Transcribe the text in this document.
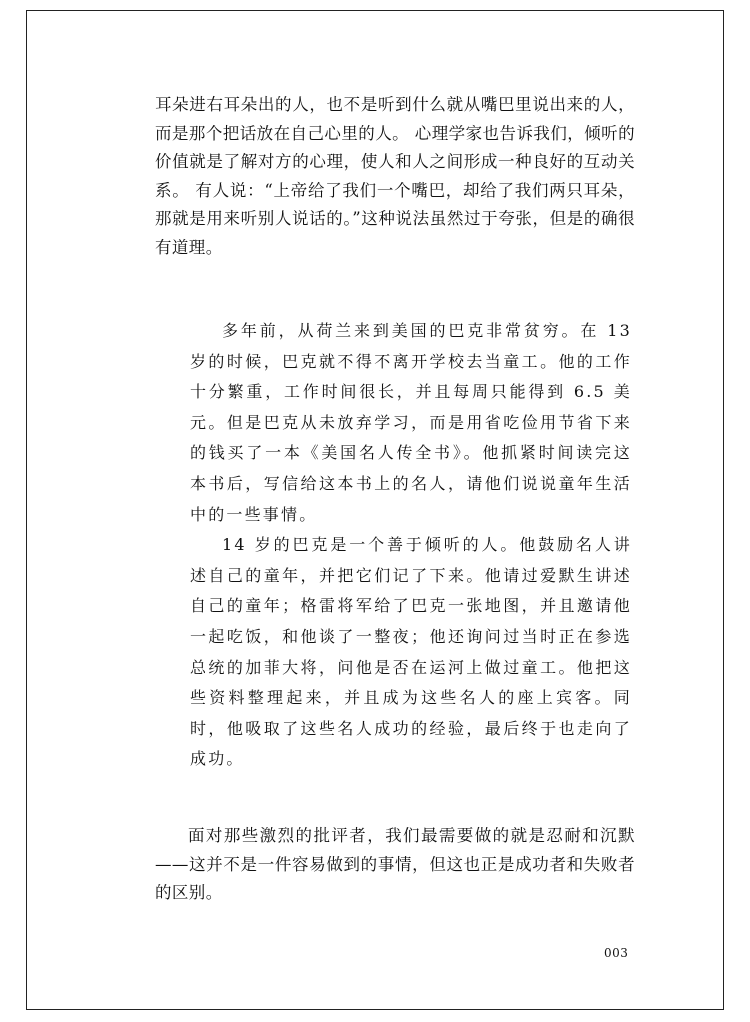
耳朵进右耳朵出的人，也不是听到什么就从嘴巴里说出来的人，而是那个把话放在自己心里的人。 心理学家也告诉我们，倾听的价值就是了解对方的心理，使人和人之间形成一种良好的互动关系。 有人说：“上帝给了我们一个嘴巴，却给了我们两只耳朵，那就是用来听别人说话的。”这种说法虽然过于夸张，但是的确很有道理。

多年前，从荷兰来到美国的巴克非常贫穷。在 13 岁的时候，巴克就不得不离开学校去当童工。他的工作十分繁重，工作时间很长，并且每周只能得到 6.5 美元。但是巴克从未放弃学习，而是用省吃俭用节省下来的钱买了一本《美国名人传全书》。他抓紧时间读完这本书后，写信给这本书上的名人，请他们说说童年生活中的一些事情。

14 岁的巴克是一个善于倾听的人。他鼓励名人讲述自己的童年，并把它们记了下来。他请过爱默生讲述自己的童年；格雷将军给了巴克一张地图，并且邀请他一起吃饭，和他谈了一整夜；他还询问过当时正在参选总统的加菲大将，问他是否在运河上做过童工。他把这些资料整理起来，并且成为这些名人的座上宾客。同时，他吸取了这些名人成功的经验，最后终于也走向了成功。

面对那些激烈的批评者，我们最需要做的就是忍耐和沉默——这并不是一件容易做到的事情，但这也正是成功者和失败者的区别。

003
